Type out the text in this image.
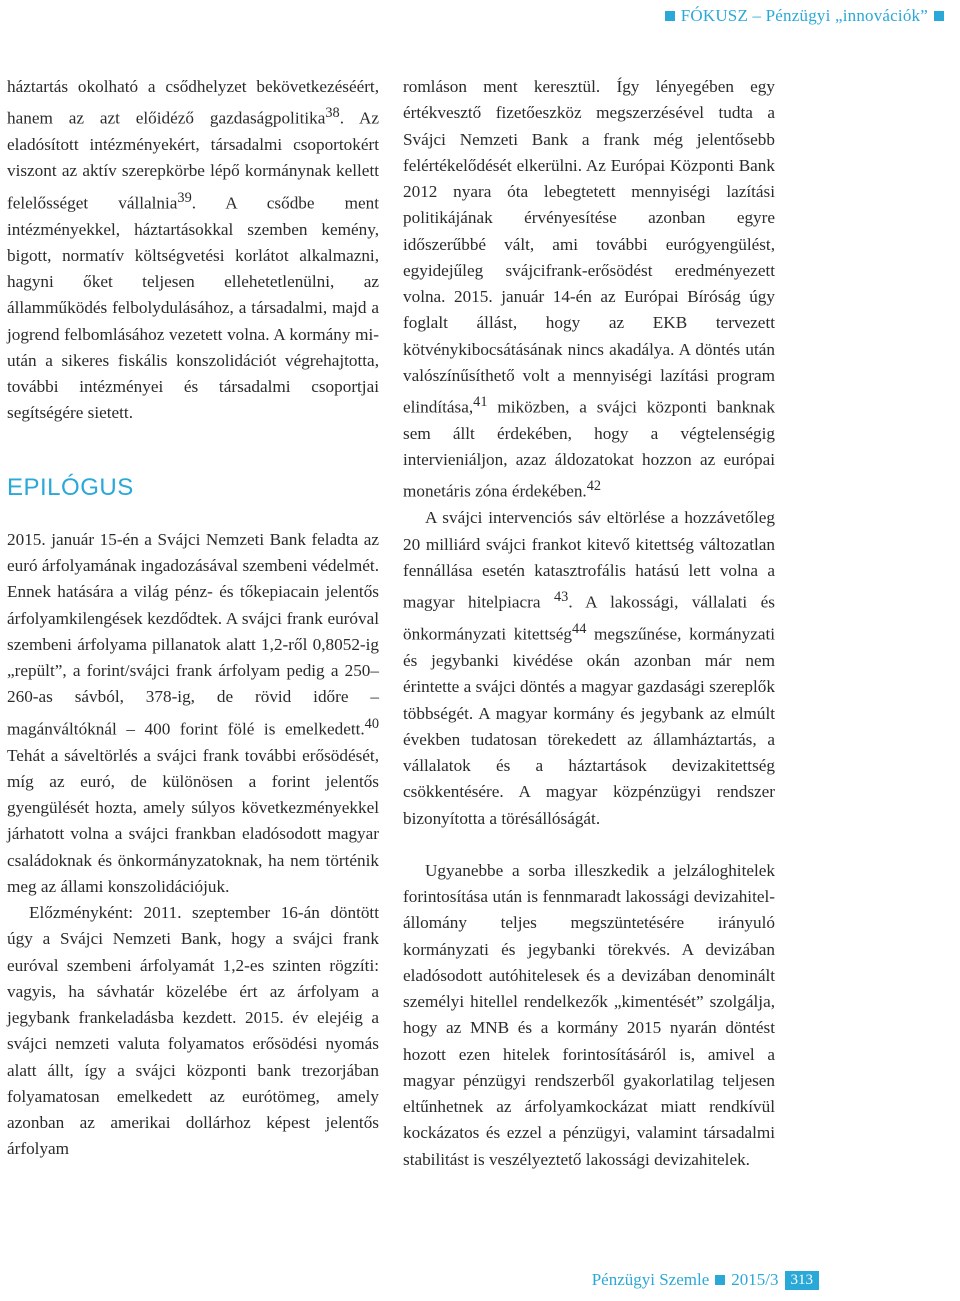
FÓKUSZ – Pénzügyi „innovációk”

háztartás okolható a csődhelyzet bekövetkezéséért, hanem az azt előidéző gazdaságpolitika$^{38}$. Az eladósított intézményekért, társadalmi csoportokért viszont az aktív szerepkörbe lépő kormánynak kellett felelősséget vállalnia$^{39}$. A csődbe ment intézményekkel, háztartásokkal szemben kemény, bigott, normatív költségvetési korlátot alkalmazni, hagyni őket teljesen ellehetetlenülni, az államműködés felbolydulásához, a társadalmi, majd a jogrend felbomlásához vezetett volna. A kormány miután a sikeres fiskális konszolidációt végrehajtotta, további intézményei és társadalmi csoportjai segítségére sietett.

EPILÓGUS

2015. január 15-én a Svájci Nemzeti Bank feladta az euró árfolyamának ingadozásával szembeni védelmét. Ennek hatására a világ pénz- és tőkepiacain jelentős árfolyamkilengések kezdődtek. A svájci frank euróval szembeni árfolyama pillanatok alatt 1,2-ről 0,8052-ig „repült”, a forint/svájci frank árfolyam pedig a 250–260-as sávból, 378-ig, de rövid időre – magánváltóknál – 400 forint fölé is emelkedett.$^{40}$ Tehát a sáveltörlés a svájci frank további erősödését, míg az euró, de különösen a forint jelentős gyengülését hozta, amely súlyos következményekkel járhatott volna a svájci frankban eladósodott magyar családoknak és önkormányzatoknak, ha nem történik meg az állami konszolidációjuk.

Előzményként: 2011. szeptember 16-án döntött úgy a Svájci Nemzeti Bank, hogy a svájci frank euróval szembeni árfolyamát 1,2-es szinten rögzíti: vagyis, ha sávhatár közelébe ért az árfolyam a jegybank frankeladásba kezdett. 2015. év elejéig a svájci nemzeti valuta folyamatos erősödési nyomás alatt állt, így a svájci központi bank trezorjában folyamatosan emelkedett az eurótömeg, amely azonban az amerikai dollárhoz képest jelentős árfolyam

romláson ment keresztül. Így lényegében egy értékvesztő fizetőeszköz megszerzésével tudta a Svájci Nemzeti Bank a frank még jelentősebb felértékelődését elkerülni. Az Európai Központi Bank 2012 nyara óta lebegtetett mennyiségi lazítási politikájának érvényesítése azonban egyre időszerűbbé vált, ami további eurógyengülést, egyidejűleg svájcifrank-erősödést eredményezett volna. 2015. január 14-én az Európai Bíróság úgy foglalt állást, hogy az EKB tervezett kötvénykibocsátásának nincs akadálya. A döntés után valószínűsíthető volt a mennyiségi lazítási program elindítása,$^{41}$ miközben, a svájci központi banknak sem állt érdekében, hogy a végtelenségig intervieniáljon, azaz áldozatokat hozzon az európai monetáris zóna érdekében.$^{42}$

A svájci intervenciós sáv eltörlése a hozzávetőleg 20 milliárd svájci frankot kitevő kitettség változatlan fennállása esetén katasztrofális hatású lett volna a magyar hitelpiacra $^{43}$. A lakossági, vállalati és önkormányzati kitettség$^{44}$ megszűnése, kormányzati és jegybanki kivédése okán azonban már nem érintette a svájci döntés a magyar gazdasági szereplők többségét. A magyar kormány és jegybank az elmúlt években tudatosan törekedett az államháztartás, a vállalatok és a háztartások devizakitettség csökkentésére. A magyar közpénzügyi rendszer bizonyította a törésállóságát.

Ugyanebbe a sorba illeszkedik a jelzáloghitelek forintosítása után is fennmaradt lakossági devizahitel-állomány teljes megszüntetésére irányuló kormányzati és jegybanki törekvés. A devizában eladósodott autóhitelesek és a devizában denominált személyi hitellel rendelkezők „kimentését” szolgálja, hogy az MNB és a kormány 2015 nyarán döntést hozott ezen hitelek forintosításáról is, amivel a magyar pénzügyi rendszerből gyakorlatilag teljesen eltűnhetnek az árfolyamkockázat miatt rendkívül kockázatos és ezzel a pénzügyi, valamint társadalmi stabilitást is veszélyeztető lakossági devizahitelek.

Pénzügyi Szemle 2015/3 313
